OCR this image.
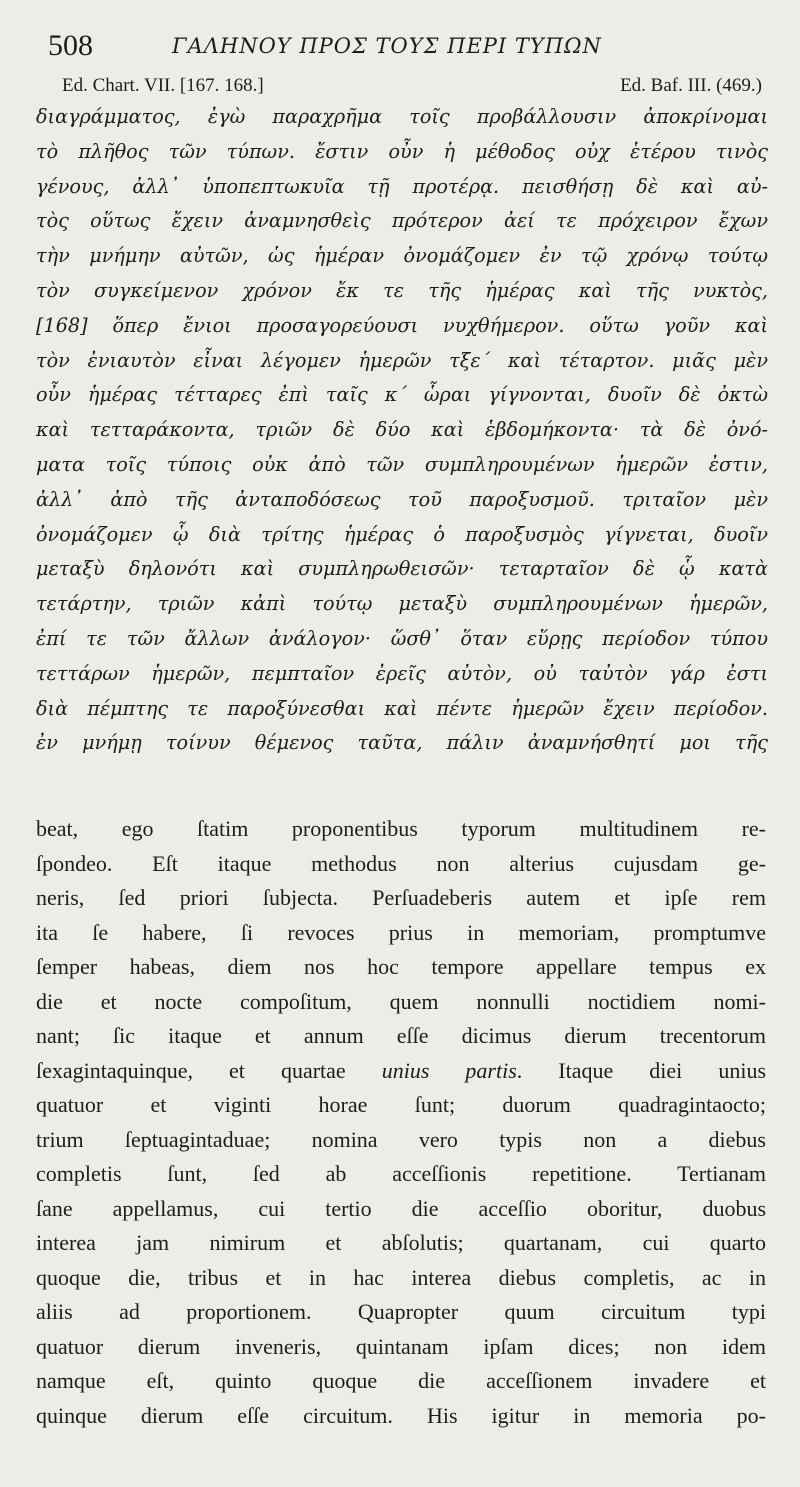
508	ΓΑΛΗΝΟΥ ΠΡΟΣ ΤΟΥΣ ΠΕΡΙ ΤΥΠΩΝ
Ed. Chart. VII. [167. 168.]	Ed. Baf. III. (469.)
διαγράμματος, ἐγὼ παραχρῆμα τοῖς προβάλλουσιν ἀποκρίνομαι
τὸ πλῆθος τῶν τύπων. ἔστιν οὖν ἡ μέθοδος οὐχ ἑτέρου τινὸς
γένους, ἀλλ᾽ ὑποπεπτωκυῖα τῇ προτέρᾳ. πεισθήσῃ δὲ καὶ αὐ-
τὸς οὕτως ἔχειν ἀναμνησθεὶς πρότερον ἀεί τε πρόχειρον ἔχων
τὴν μνήμην αὐτῶν, ὡς ἡμέραν ὀνομάζομεν ἐν τῷ χρόνῳ τούτῳ
τὸν συγκείμενον χρόνον ἔκ τε τῆς ἡμέρας καὶ τῆς νυκτὸς,
[168] ὅπερ ἔνιοι προσαγορεύουσι νυχθήμερον. οὕτω γοῦν καὶ
τὸν ἐνιαυτὸν εἶναι λέγομεν ἡμερῶν τξε´ καὶ τέταρτον. μιᾶς μὲν
οὖν ἡμέρας τέτταρες ἐπὶ ταῖς κ´ ὧραι γίγνονται, δυοῖν δὲ ὀκτὼ
καὶ τετταράκοντα, τριῶν δὲ δύο καὶ ἑβδομήκοντα· τὰ δὲ ὀνό-
ματα τοῖς τύποις οὐκ ἀπὸ τῶν συμπληρουμένων ἡμερῶν ἐστιν,
ἀλλ᾽ ἀπὸ τῆς ἀνταποδόσεως τοῦ παροξυσμοῦ. τριταῖον μὲν
ὀνομάζομεν ᾧ διὰ τρίτης ἡμέρας ὁ παροξυσμὸς γίγνεται, δυοῖν
μεταξὺ δηλονότι καὶ συμπληρωθεισῶν· τεταρταῖον δὲ ᾧ κατὰ
τετάρτην, τριῶν κἀπὶ τούτῳ μεταξὺ συμπληρουμένων ἡμερῶν,
ἐπί τε τῶν ἄλλων ἀνάλογον· ὥσθ᾽ ὅταν εὕρῃς περίοδον τύπου
τεττάρων ἡμερῶν, πεμπταῖον ἐρεῖς αὐτὸν, οὐ ταὐτὸν γάρ ἐστι
διὰ πέμπτης τε παροξύνεσθαι καὶ πέντε ἡμερῶν ἔχειν περίοδον.
ἐν μνήμῃ τοίνυν θέμενος ταῦτα, πάλιν ἀναμνήσθητί μοι τῆς
beat, ego ſtatim proponentibus typorum multitudinem re-
ſpondeo. Eſt itaque methodus non alterius cujusdam ge-
neris, ſed priori ſubjecta. Perſuadeberis autem et ipſe rem
ita ſe habere, ſi revoces prius in memoriam, promptumve
ſemper habeas, diem nos hoc tempore appellare tempus ex
die et nocte compoſitum, quem nonnulli noctidiem nomi-
nant; ſic itaque et annum eſſe dicimus dierum trecentorum
ſexagintaquinque, et quartae unius partis. Itaque diei unius
quatuor et viginti horae ſunt; duorum quadragintaocto;
trium ſeptuagintaduae; nomina vero typis non a diebus
completis ſunt, ſed ab acceſſionis repetitione. Tertianam
ſane appellamus, cui tertio die acceſſio oboritur, duobus
interea jam nimirum et abſolutis; quartanam, cui quarto
quoque die, tribus et in hac interea diebus completis, ac in
aliis ad proportionem. Quapropter quum circuitum typi
quatuor dierum inveneris, quintanam ipſam dices; non idem
namque eſt, quinto quoque die acceſſionem invadere et
quinque dierum eſſe circuitum. His igitur in memoria po-
